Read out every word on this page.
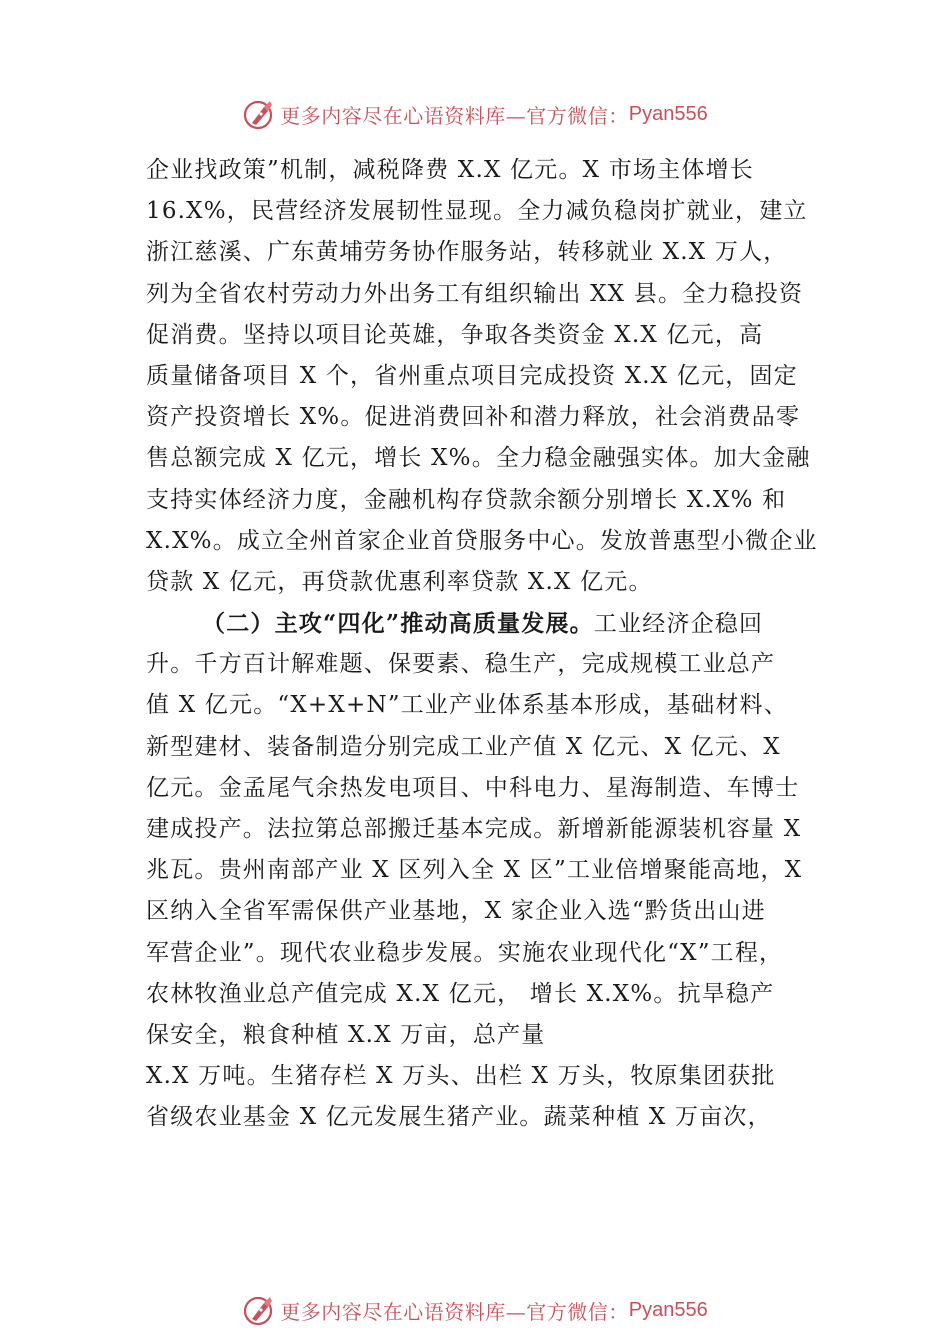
更多内容尽在心语资料库—官方微信： Pyan556
企业找政策”机制，减税降费 X.X 亿元。X 市场主体增长
16.X%，民营经济发展韧性显现。全力减负稳岗扩就业，建立
浙江慈溪、广东黄埔劳务协作服务站，转移就业 X.X 万人，
列为全省农村劳动力外出务工有组织输出 XX 县。全力稳投资
促消费。坚持以项目论英雄，争取各类资金 X.X 亿元，高
质量储备项目 X 个，省州重点项目完成投资 X.X 亿元，固定
资产投资增长 X%。促进消费回补和潜力释放，社会消费品零
售总额完成 X 亿元，增长 X%。全力稳金融强实体。加大金融
支持实体经济力度，金融机构存贷款余额分别增长 X.X% 和
X.X%。成立全州首家企业首贷服务中心。发放普惠型小微企业
贷款 X 亿元，再贷款优惠利率贷款 X.X 亿元。
（二）主攻“四化”推动高质量发展。工业经济企稳回
升。千方百计解难题、保要素、稳生产，完成规模工业总产
值 X 亿元。“X+X+N”工业产业体系基本形成，基础材料、
新型建材、装备制造分别完成工业产值 X 亿元、X 亿元、X
亿元。金孟尾气余热发电项目、中科电力、星海制造、车博士
建成投产。法拉第总部搬迁基本完成。新增新能源装机容量 X
兆瓦。贵州南部产业 X 区列入全 X 区”工业倍增聚能高地，X
区纳入全省军需保供产业基地，X 家企业入选“黔货出山进
军营企业”。现代农业稳步发展。实施农业现代化“X”工程，
农林牧渔业总产值完成 X.X 亿元， 增长 X.X%。抗旱稳产
保安全，粮食种植 X.X 万亩，总产量
X.X 万吨。生猪存栏 X 万头、出栏 X 万头，牧原集团获批
省级农业基金 X 亿元发展生猪产业。蔬菜种植 X 万亩次，
更多内容尽在心语资料库—官方微信： Pyan556
